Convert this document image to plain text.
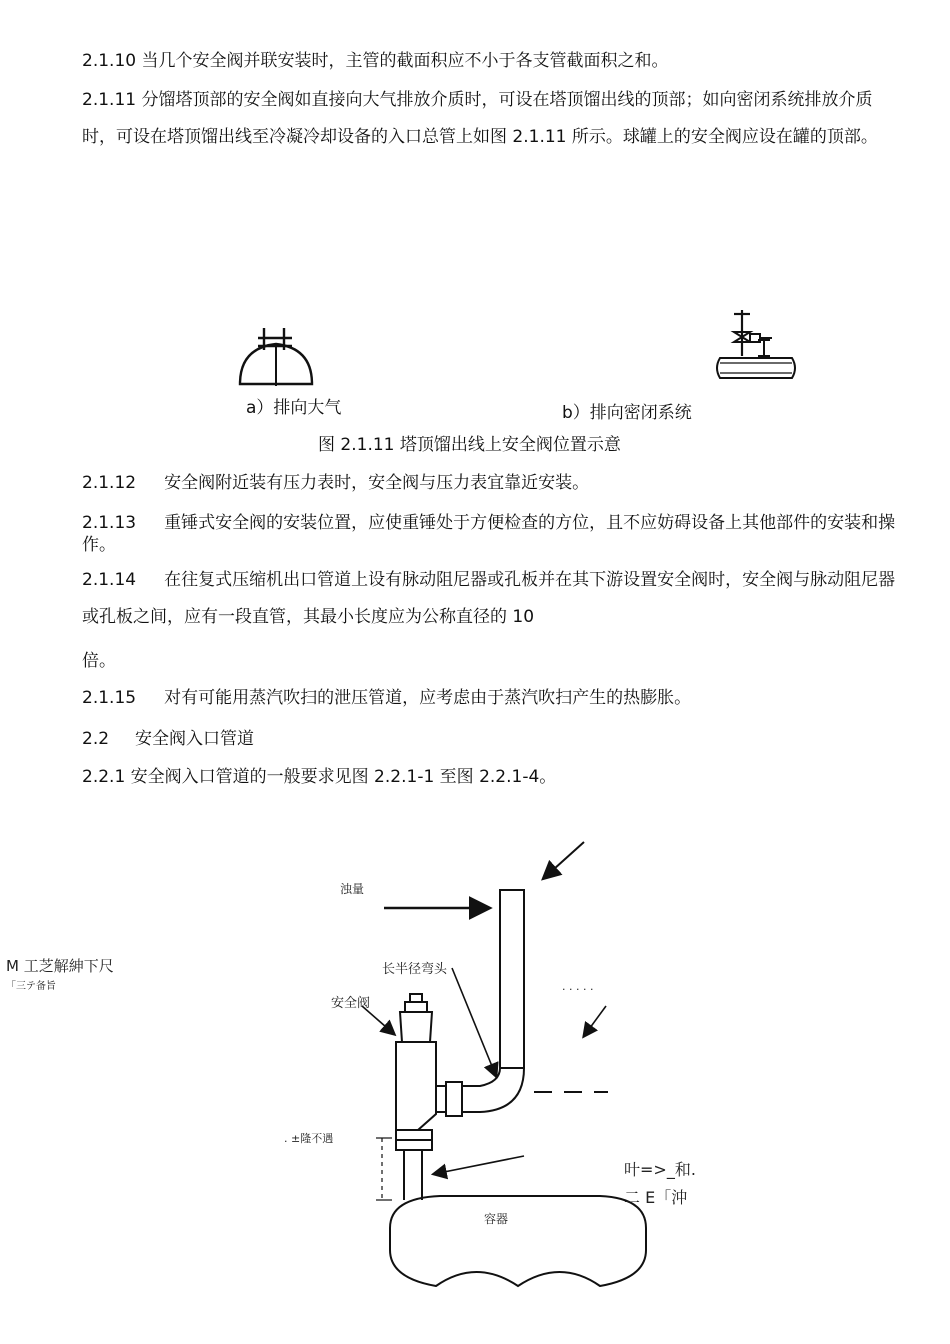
2.1.10 当几个安全阀并联安装时，主管的截面积应不小于各支管截面积之和。
2.1.11 分馏塔顶部的安全阀如直接向大气排放介质时，可设在塔顶馏出线的顶部；如向密闭系统排放介质时，可设在塔顶馏出线至冷凝冷却设备的入口总管上如图 2.1.11 所示。球罐上的安全阀应设在罐的顶部。
a）排向大气	b）排向密闭系统
图 2.1.11 塔顶馏出线上安全阀位置示意
2.1.12 安全阀附近装有压力表时，安全阀与压力表宜靠近安装。
2.1.13 重锤式安全阀的安装位置，应使重锤处于方便检查的方位，且不应妨碍设备上其他部件的安装和操作。
2.1.14 在往复式压缩机出口管道上设有脉动阻尼器或孔板并在其下游设置安全阀时，安全阀与脉动阻尼器或孔板之间，应有一段直管，其最小长度应为公称直径的 10
倍。
2.1.15 对有可能用蒸汽吹扫的泄压管道，应考虑由于蒸汽吹扫产生的热膨胀。
2.2 安全阀入口管道
2.2.1 安全阀入口管道的一般要求见图 2.2.1-1 至图 2.2.1-4。
M 工芝解紳下尺
「三テ备旨
浊量
长半径弯头
安全阀
. . . . .
. ±隆不遇
容器
叶=>_和.
二 E「沖
